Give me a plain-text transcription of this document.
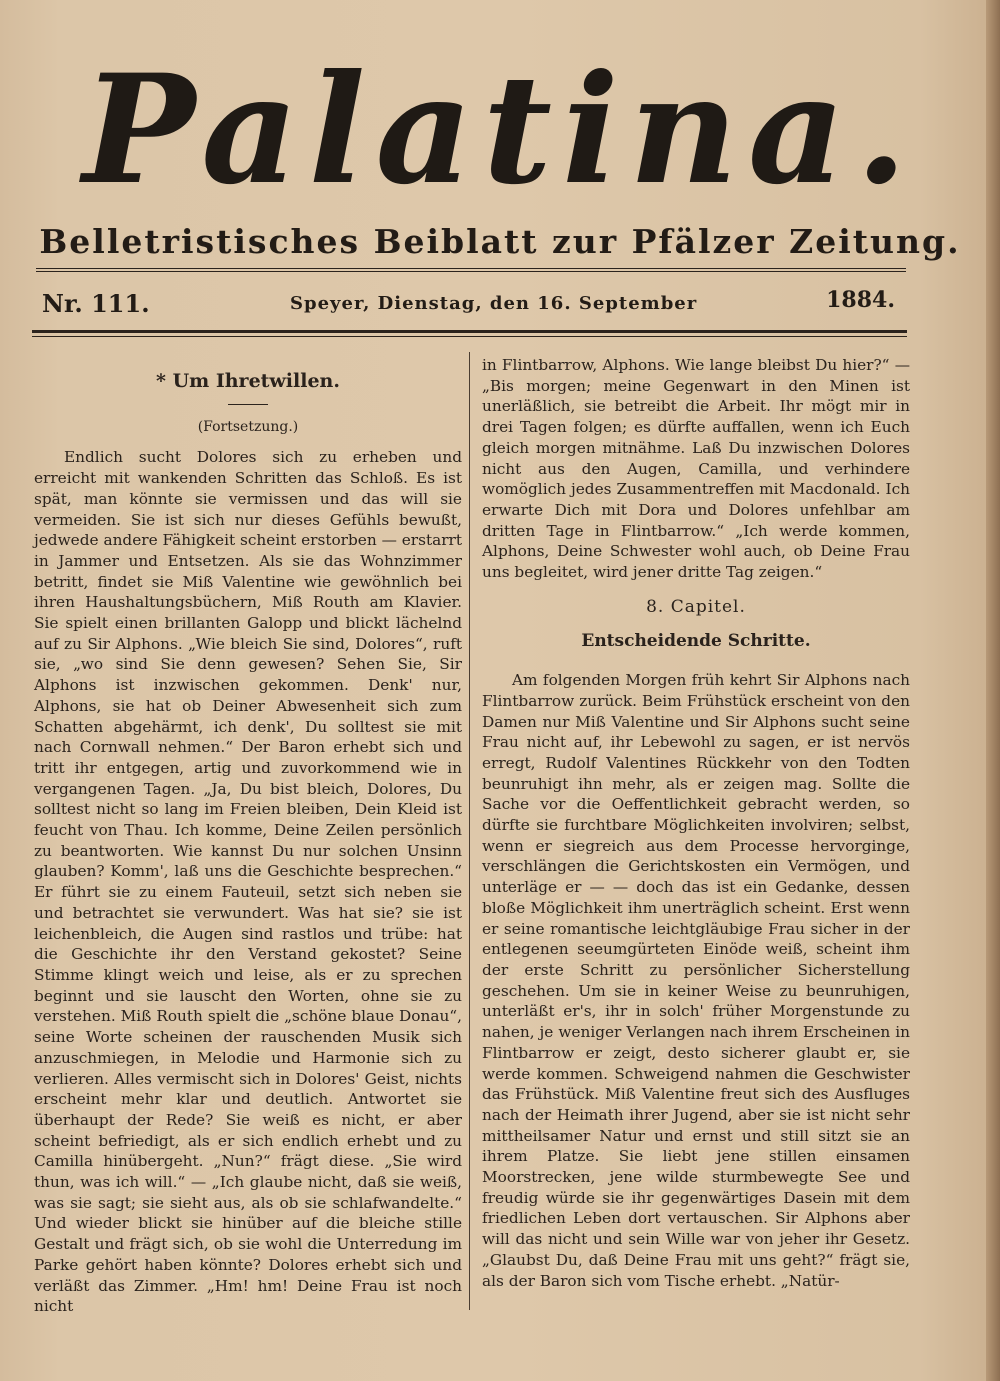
Palatina.
Belletristisches Beiblatt zur Pfälzer Zeitung.
Nr. 111.	Speyer, Dienstag, den 16. September	1884.
* Um Ihretwillen.
(Fortsetzung.)

Endlich sucht Dolores sich zu erheben und erreicht mit wankenden Schritten das Schloß. Es ist spät, man könnte sie vermissen und das will sie vermeiden. Sie ist sich nur dieses Gefühls bewußt, jedwede andere Fähigkeit scheint erstorben — erstarrt in Jammer und Entsetzen. Als sie das Wohnzimmer betritt, findet sie Miß Valentine wie gewöhnlich bei ihren Haushaltungsbüchern, Miß Routh am Klavier. Sie spielt einen brillanten Galopp und blickt lächelnd auf zu Sir Alphons. „Wie bleich Sie sind, Dolores“, ruft sie, „wo sind Sie denn gewesen? Sehen Sie, Sir Alphons ist inzwischen gekommen. Denk' nur, Alphons, sie hat ob Deiner Abwesenheit sich zum Schatten abgehärmt, ich denk', Du solltest sie mit nach Cornwall nehmen.“ Der Baron erhebt sich und tritt ihr entgegen, artig und zuvorkommend wie in vergangenen Tagen. „Ja, Du bist bleich, Dolores, Du solltest nicht so lang im Freien bleiben, Dein Kleid ist feucht von Thau. Ich komme, Deine Zeilen persönlich zu beantworten. Wie kannst Du nur solchen Unsinn glauben? Komm', laß uns die Geschichte besprechen.“ Er führt sie zu einem Fauteuil, setzt sich neben sie und betrachtet sie verwundert. Was hat sie? sie ist leichenbleich, die Augen sind rastlos und trübe: hat die Geschichte ihr den Verstand gekostet? Seine Stimme klingt weich und leise, als er zu sprechen beginnt und sie lauscht den Worten, ohne sie zu verstehen. Miß Routh spielt die „schöne blaue Donau“, seine Worte scheinen der rauschenden Musik sich anzuschmiegen, in Melodie und Harmonie sich zu verlieren. Alles vermischt sich in Dolores' Geist, nichts erscheint mehr klar und deutlich. Antwortet sie überhaupt der Rede? Sie weiß es nicht, er aber scheint befriedigt, als er sich endlich erhebt und zu Camilla hinübergeht. „Nun?“ frägt diese. „Sie wird thun, was ich will.“ — „Ich glaube nicht, daß sie weiß, was sie sagt; sie sieht aus, als ob sie schlafwandelte.“ Und wieder blickt sie hinüber auf die bleiche stille Gestalt und frägt sich, ob sie wohl die Unterredung im Parke gehört haben könnte? Dolores erhebt sich und verläßt das Zimmer. „Hm! hm! Deine Frau ist noch nicht

in Flintbarrow, Alphons. Wie lange bleibst Du hier?“ — „Bis morgen; meine Gegenwart in den Minen ist unerläßlich, sie betreibt die Arbeit. Ihr mögt mir in drei Tagen folgen; es dürfte auffallen, wenn ich Euch gleich morgen mitnähme. Laß Du inzwischen Dolores nicht aus den Augen, Camilla, und verhindere womöglich jedes Zusammentreffen mit Macdonald. Ich erwarte Dich mit Dora und Dolores unfehlbar am dritten Tage in Flintbarrow.“ „Ich werde kommen, Alphons, Deine Schwester wohl auch, ob Deine Frau uns begleitet, wird jener dritte Tag zeigen.“

8. Capitel.
Entscheidende Schritte.

Am folgenden Morgen früh kehrt Sir Alphons nach Flintbarrow zurück. Beim Frühstück erscheint von den Damen nur Miß Valentine und Sir Alphons sucht seine Frau nicht auf, ihr Lebewohl zu sagen, er ist nervös erregt, Rudolf Valentines Rückkehr von den Todten beunruhigt ihn mehr, als er zeigen mag. Sollte die Sache vor die Oeffentlichkeit gebracht werden, so dürfte sie furchtbare Möglichkeiten involviren; selbst, wenn er siegreich aus dem Processe hervorginge, verschlängen die Gerichtskosten ein Vermögen, und unterläge er — — doch das ist ein Gedanke, dessen bloße Möglichkeit ihm unerträglich scheint. Erst wenn er seine romantische leichtgläubige Frau sicher in der entlegenen seeumgürteten Einöde weiß, scheint ihm der erste Schritt zu persönlicher Sicherstellung geschehen. Um sie in keiner Weise zu beunruhigen, unterläßt er's, ihr in solch' früher Morgenstunde zu nahen, je weniger Verlangen nach ihrem Erscheinen in Flintbarrow er zeigt, desto sicherer glaubt er, sie werde kommen. Schweigend nahmen die Geschwister das Frühstück. Miß Valentine freut sich des Ausfluges nach der Heimath ihrer Jugend, aber sie ist nicht sehr mittheilsamer Natur und ernst und still sitzt sie an ihrem Platze. Sie liebt jene stillen einsamen Moorstrecken, jene wilde sturmbewegte See und freudig würde sie ihr gegenwärtiges Dasein mit dem friedlichen Leben dort vertauschen. Sir Alphons aber will das nicht und sein Wille war von jeher ihr Gesetz. „Glaubst Du, daß Deine Frau mit uns geht?“ frägt sie, als der Baron sich vom Tische erhebt. „Natür-
